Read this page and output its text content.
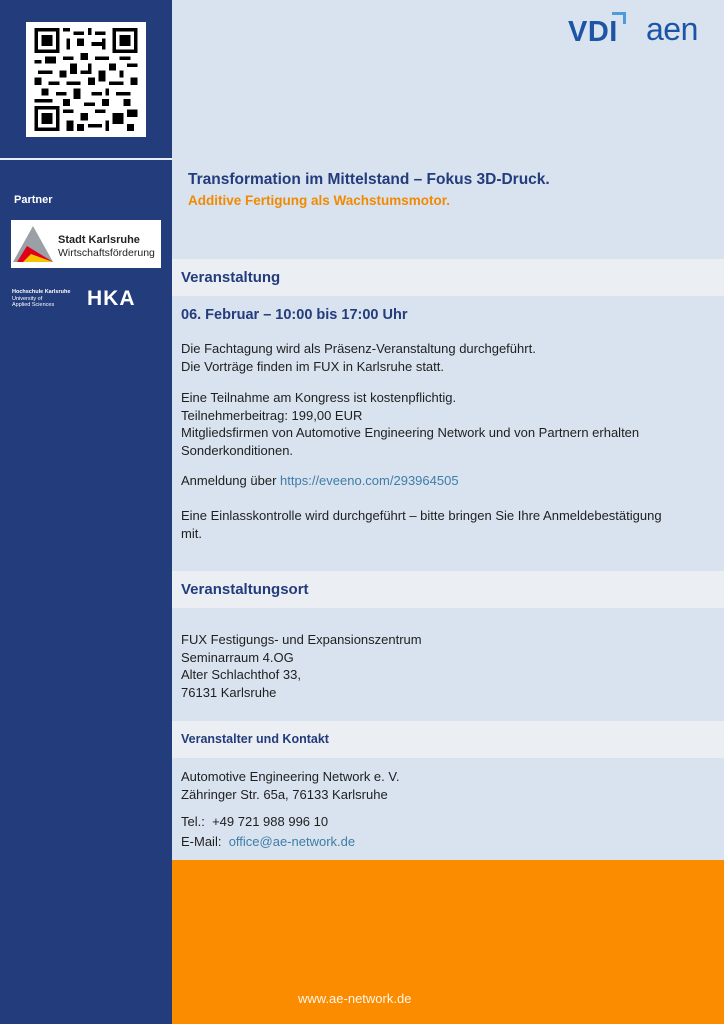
Partner
Stadt Karlsruhe
Wirtschaftsförderung
Hochschule Karlsruhe
University of
Applied Sciences	HKA
VDI aen
Transformation im Mittelstand – Fokus 3D-Druck.
Additive Fertigung als Wachstumsmotor.
Veranstaltung
06. Februar – 10:00 bis 17:00 Uhr
Die Fachtagung wird als Präsenz-Veranstaltung durchgeführt.
Die Vorträge finden im FUX in Karlsruhe statt.
Eine Teilnahme am Kongress ist kostenpflichtig.
Teilnehmerbeitrag: 199,00 EUR
Mitgliedsfirmen von Automotive Engineering Network und von Partnern erhalten
Sonderkonditionen.
Anmeldung über https://eveeno.com/293964505
Eine Einlasskontrolle wird durchgeführt – bitte bringen Sie Ihre Anmeldebestätigung
mit.
Veranstaltungsort
FUX Festigungs- und Expansionszentrum
Seminarraum 4.OG
Alter Schlachthof 33,
76131 Karlsruhe
Veranstalter und Kontakt
Automotive Engineering Network e. V.
Zähringer Str. 65a, 76133 Karlsruhe
Tel.: +49 721 988 996 10
E-Mail: office@ae-network.de
www.ae-network.de
